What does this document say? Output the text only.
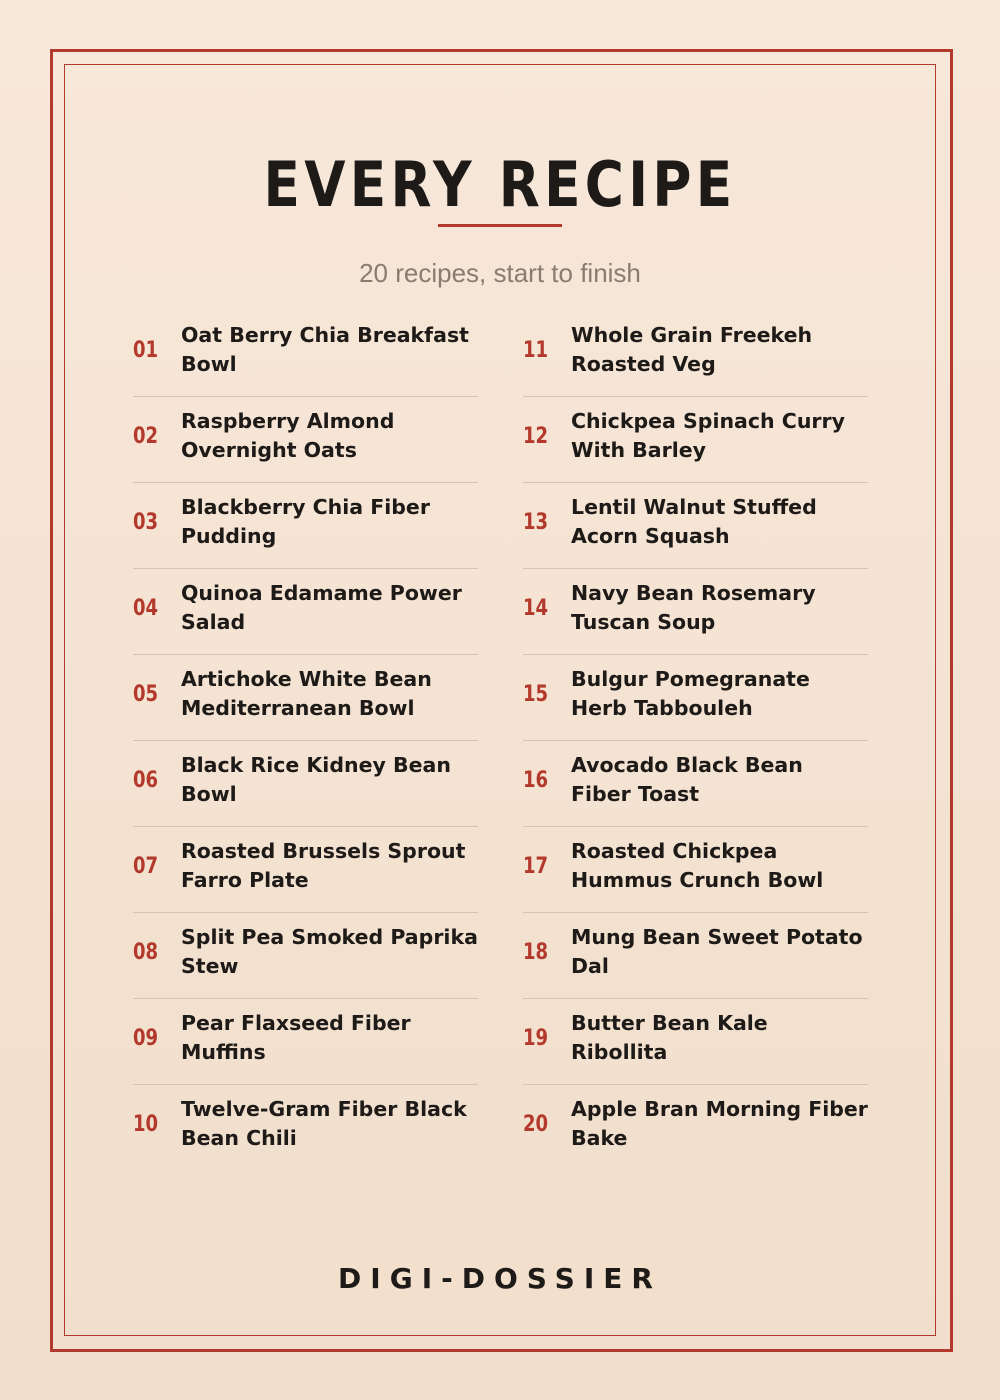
EVERY RECIPE
20 recipes, start to finish
01
Oat Berry Chia Breakfast Bowl
02
Raspberry Almond Overnight Oats
03
Blackberry Chia Fiber Pudding
04
Quinoa Edamame Power Salad
05
Artichoke White Bean Mediterranean Bowl
06
Black Rice Kidney Bean Bowl
07
Roasted Brussels Sprout Farro Plate
08
Split Pea Smoked Paprika Stew
09
Pear Flaxseed Fiber Muffins
10
Twelve-Gram Fiber Black Bean Chili
11
Whole Grain Freekeh Roasted Veg
12
Chickpea Spinach Curry With Barley
13
Lentil Walnut Stuffed Acorn Squash
14
Navy Bean Rosemary Tuscan Soup
15
Bulgur Pomegranate Herb Tabbouleh
16
Avocado Black Bean Fiber Toast
17
Roasted Chickpea Hummus Crunch Bowl
18
Mung Bean Sweet Potato Dal
19
Butter Bean Kale Ribollita
20
Apple Bran Morning Fiber Bake
DIGI-DOSSIER
